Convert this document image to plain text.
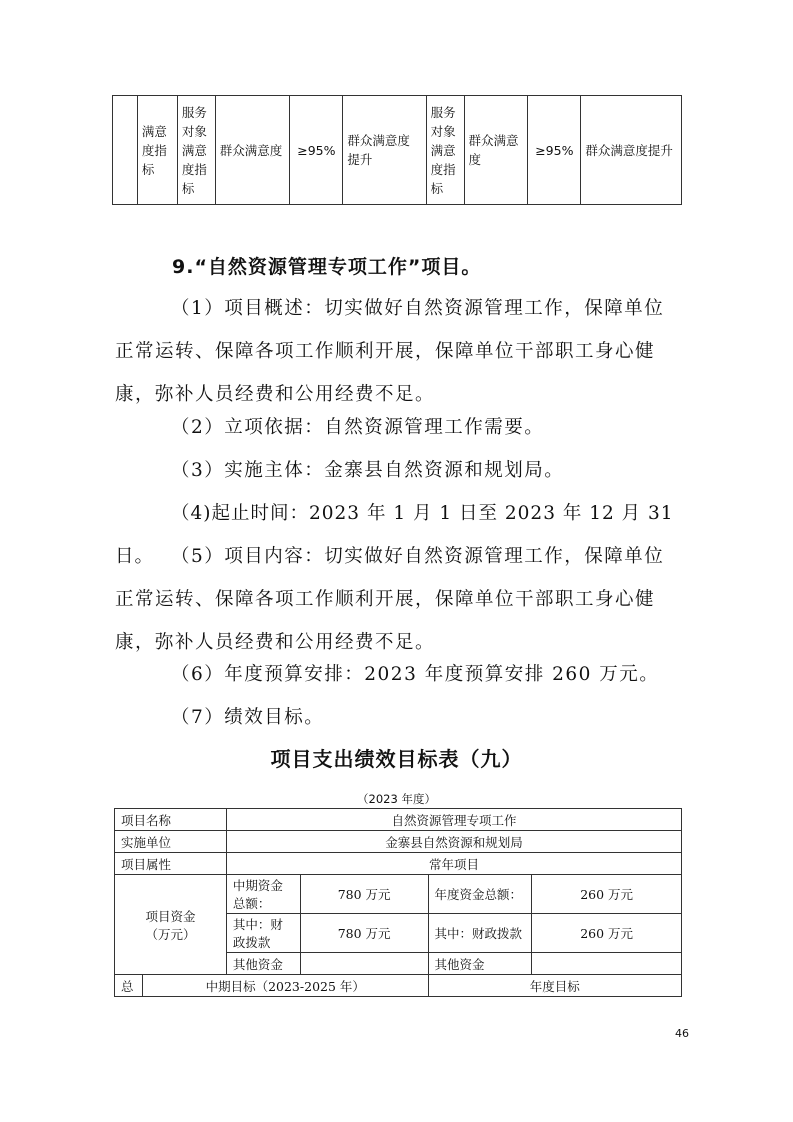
	满意度指标	服务对象满意度指标	群众满意度	≥95%	群众满意度提升	服务对象满意度指标	群众满意度	≥95%	群众满意度提升
9.“自然资源管理专项工作”项目。
（1）项目概述：切实做好自然资源管理工作，保障单位正常运转、保障各项工作顺利开展，保障单位干部职工身心健康，弥补人员经费和公用经费不足。
（2）立项依据：自然资源管理工作需要。
（3）实施主体：金寨县自然资源和规划局。
（4)起止时间：2023 年 1 月 1 日至 2023 年 12 月 31 日。 （5）项目内容：切实做好自然资源管理工作，保障单位正常运转、保障各项工作顺利开展，保障单位干部职工身心健康，弥补人员经费和公用经费不足。
（6）年度预算安排：2023 年度预算安排 260 万元。
（7）绩效目标。
项目支出绩效目标表（九）
（2023 年度）
项目名称		自然资源管理专项工作			
实施单位		金寨县自然资源和规划局			
项目属性		常年项目			
项目资金（万元）		中期资金总额：	780 万元	年度资金总额：	260 万元
		其中：财政拨款	780 万元	其中：财政拨款	260 万元
		其他资金		其他资金	
总	中期目标（2023-2025 年）			年度目标	
46
